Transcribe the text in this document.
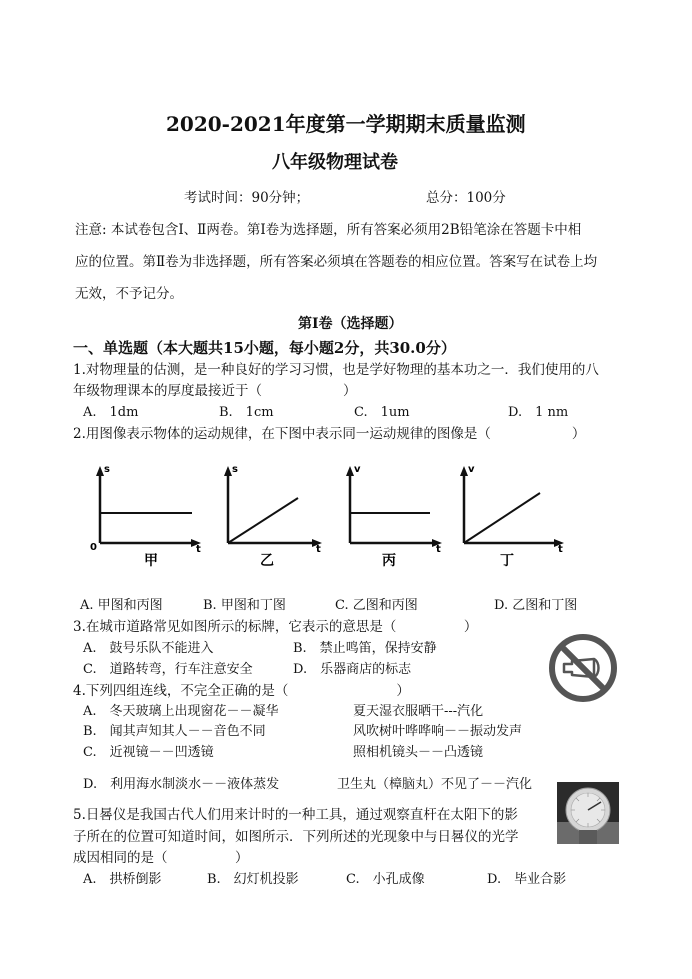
2020-2021年度第一学期期末质量监测
八年级物理试卷
考试时间：90分钟；	总分：100分
注意: 本试卷包含Ⅰ、Ⅱ两卷。第Ⅰ卷为选择题，所有答案必须用2B铅笔涂在答题卡中相
应的位置。第Ⅱ卷为非选择题，所有答案必须填在答题卷的相应位置。答案写在试卷上均
无效，不予记分。
第Ⅰ卷（选择题）
一、单选题（本大题共15小题，每小题2分，共30.0分）
1.对物理量的估测，是一种良好的学习习惯，也是学好物理的基本功之一．我们使用的八
年级物理课本的厚度最接近于（　　　　　　）
A.　1dm	B.　1cm	C.　1um	D.　1 nm
2.用图像表示物体的运动规律，在下图中表示同一运动规律的图像是（　　　　　　）
s
t
0
甲
s
t
乙
v
t
丙
v
t
丁
A. 甲图和丙图	B. 甲图和丁图	C. 乙图和丙图	D. 乙图和丁图
3.在城市道路常见如图所示的标牌，它表示的意思是（　　　　　）
A.　鼓号乐队不能进入	B.　禁止鸣笛，保持安静
C.　道路转弯，行车注意安全	D.　乐器商店的标志
4.下列四组连线，不完全正确的是（　　　　　　　　）
A.　冬天玻璃上出现窗花－－凝华	夏天湿衣服晒干---汽化
B.　闻其声知其人－－音色不同	风吹树叶哗哗响－－振动发声
C.　近视镜－－凹透镜	照相机镜头－－凸透镜
D.　利用海水制淡水－－液体蒸发	卫生丸（樟脑丸）不见了－－汽化
5.日晷仪是我国古代人们用来计时的一种工具，通过观察直杆在太阳下的影
子所在的位置可知道时间，如图所示．下列所述的光现象中与日晷仪的光学
成因相同的是（　　　　　）
A.　拱桥倒影	B.　幻灯机投影	C.　小孔成像	D.　毕业合影
